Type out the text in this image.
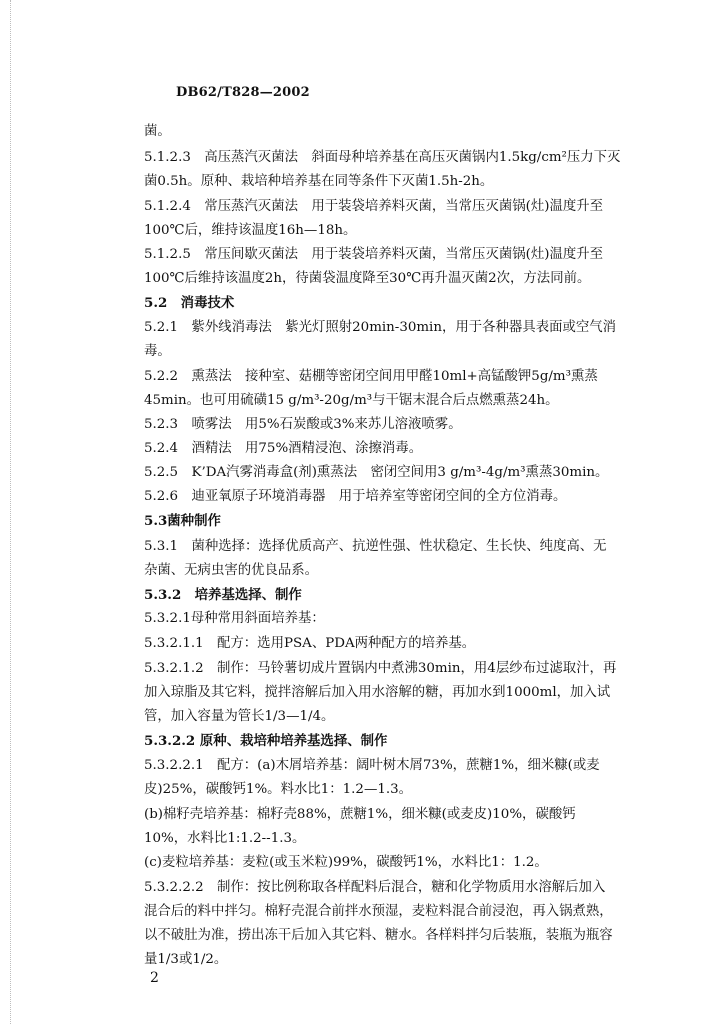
DB62/T828—2002
菌。
5.1.2.3　高压蒸汽灭菌法　斜面母种培养基在高压灭菌锅内1.5kg/cm²压力下灭
菌0.5h。原种、栽培种培养基在同等条件下灭菌1.5h-2h。
5.1.2.4　常压蒸汽灭菌法　用于装袋培养料灭菌，当常压灭菌锅(灶)温度升至
100℃后，维持该温度16h—18h。
5.1.2.5　常压间歇灭菌法　用于装袋培养料灭菌，当常压灭菌锅(灶)温度升至
100℃后维持该温度2h，待菌袋温度降至30℃再升温灭菌2次，方法同前。
5.2　消毒技术
5.2.1　紫外线消毒法　紫光灯照射20min-30min，用于各种器具表面或空气消
毒。
5.2.2　熏蒸法　接种室、菇棚等密闭空间用甲醛10ml+高锰酸钾5g/m³熏蒸
45min。也可用硫磺15 g/m³-20g/m³与干锯末混合后点燃熏蒸24h。
5.2.3　喷雾法　用5%石炭酸或3%来苏儿溶液喷雾。
5.2.4　酒精法　用75%酒精浸泡、涂擦消毒。
5.2.5　K’DA汽雾消毒盒(剂)熏蒸法　密闭空间用3 g/m³-4g/m³熏蒸30min。
5.2.6　迪亚氧原子环境消毒器　用于培养室等密闭空间的全方位消毒。
5.3菌种制作
5.3.1　菌种选择：选择优质高产、抗逆性强、性状稳定、生长快、纯度高、无
杂菌、无病虫害的优良品系。
5.3.2　培养基选择、制作
5.3.2.1母种常用斜面培养基：
5.3.2.1.1　配方：选用PSA、PDA两种配方的培养基。
5.3.2.1.2　制作：马铃薯切成片置锅内中煮沸30min，用4层纱布过滤取汁，再
加入琼脂及其它料，搅拌溶解后加入用水溶解的糖，再加水到1000ml，加入试
管，加入容量为管长1/3—1/4。
5.3.2.2 原种、栽培种培养基选择、制作
5.3.2.2.1　配方：(a)木屑培养基：阔叶树木屑73%，蔗糖1%，细米糠(或麦
皮)25%，碳酸钙1%。料水比1：1.2—1.3。
(b)棉籽壳培养基：棉籽壳88%，蔗糖1%，细米糠(或麦皮)10%，碳酸钙
10%，水料比1:1.2--1.3。
(c)麦粒培养基：麦粒(或玉米粒)99%，碳酸钙1%，水料比1：1.2。
5.3.2.2.2　制作：按比例称取各样配料后混合，糖和化学物质用水溶解后加入
混合后的料中拌匀。棉籽壳混合前拌水预湿，麦粒料混合前浸泡，再入锅煮熟，
以不破肚为准，捞出冻干后加入其它料、糖水。各样料拌匀后装瓶，装瓶为瓶容
量1/3或1/2。
2
